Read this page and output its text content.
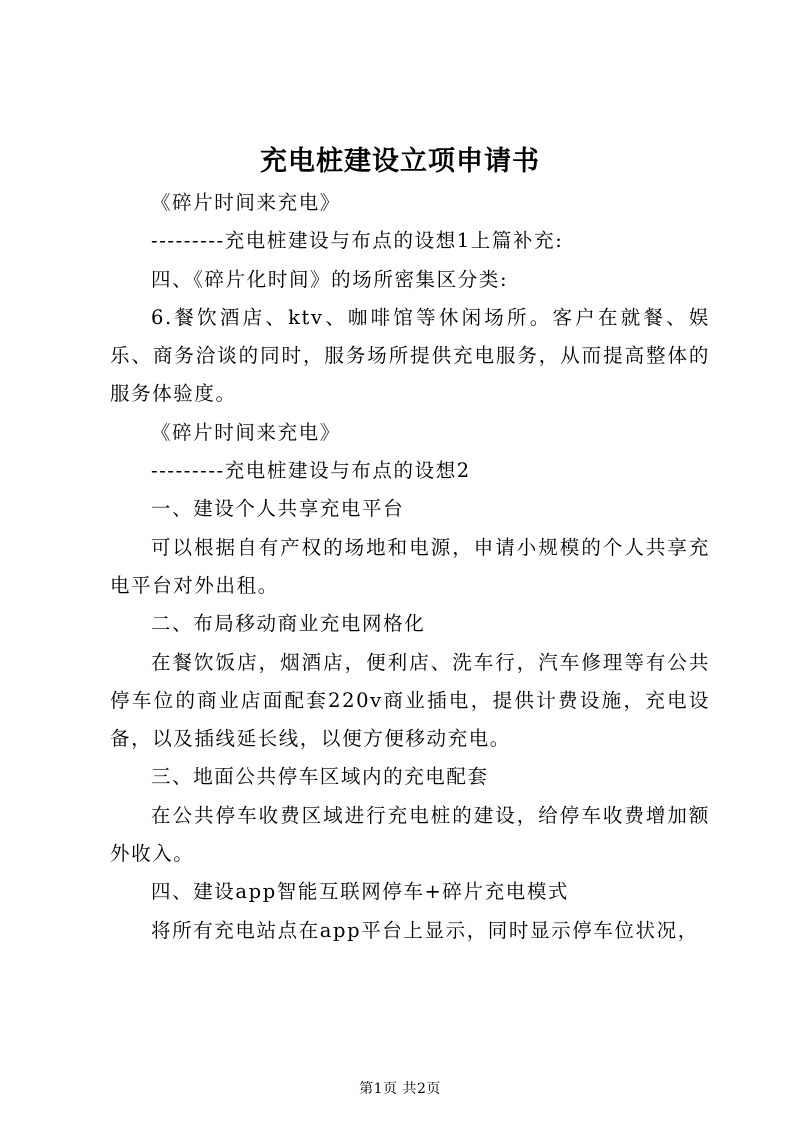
充电桩建设立项申请书

《碎片时间来充电》

---------充电桩建设与布点的设想1上篇补充:

四、《碎片化时间》的场所密集区分类:

6.餐饮酒店、ktv、咖啡馆等休闲场所。客户在就餐、娱乐、商务洽谈的同时，服务场所提供充电服务，从而提高整体的服务体验度。

《碎片时间来充电》

---------充电桩建设与布点的设想2

一、建设个人共享充电平台

可以根据自有产权的场地和电源，申请小规模的个人共享充电平台对外出租。

二、布局移动商业充电网格化

在餐饮饭店，烟酒店，便利店、洗车行，汽车修理等有公共停车位的商业店面配套220v商业插电，提供计费设施，充电设备，以及插线延长线，以便方便移动充电。

三、地面公共停车区域内的充电配套

在公共停车收费区域进行充电桩的建设，给停车收费增加额外收入。

四、建设app智能互联网停车+碎片充电模式

将所有充电站点在app平台上显示，同时显示停车位状况，

第1页 共2页
